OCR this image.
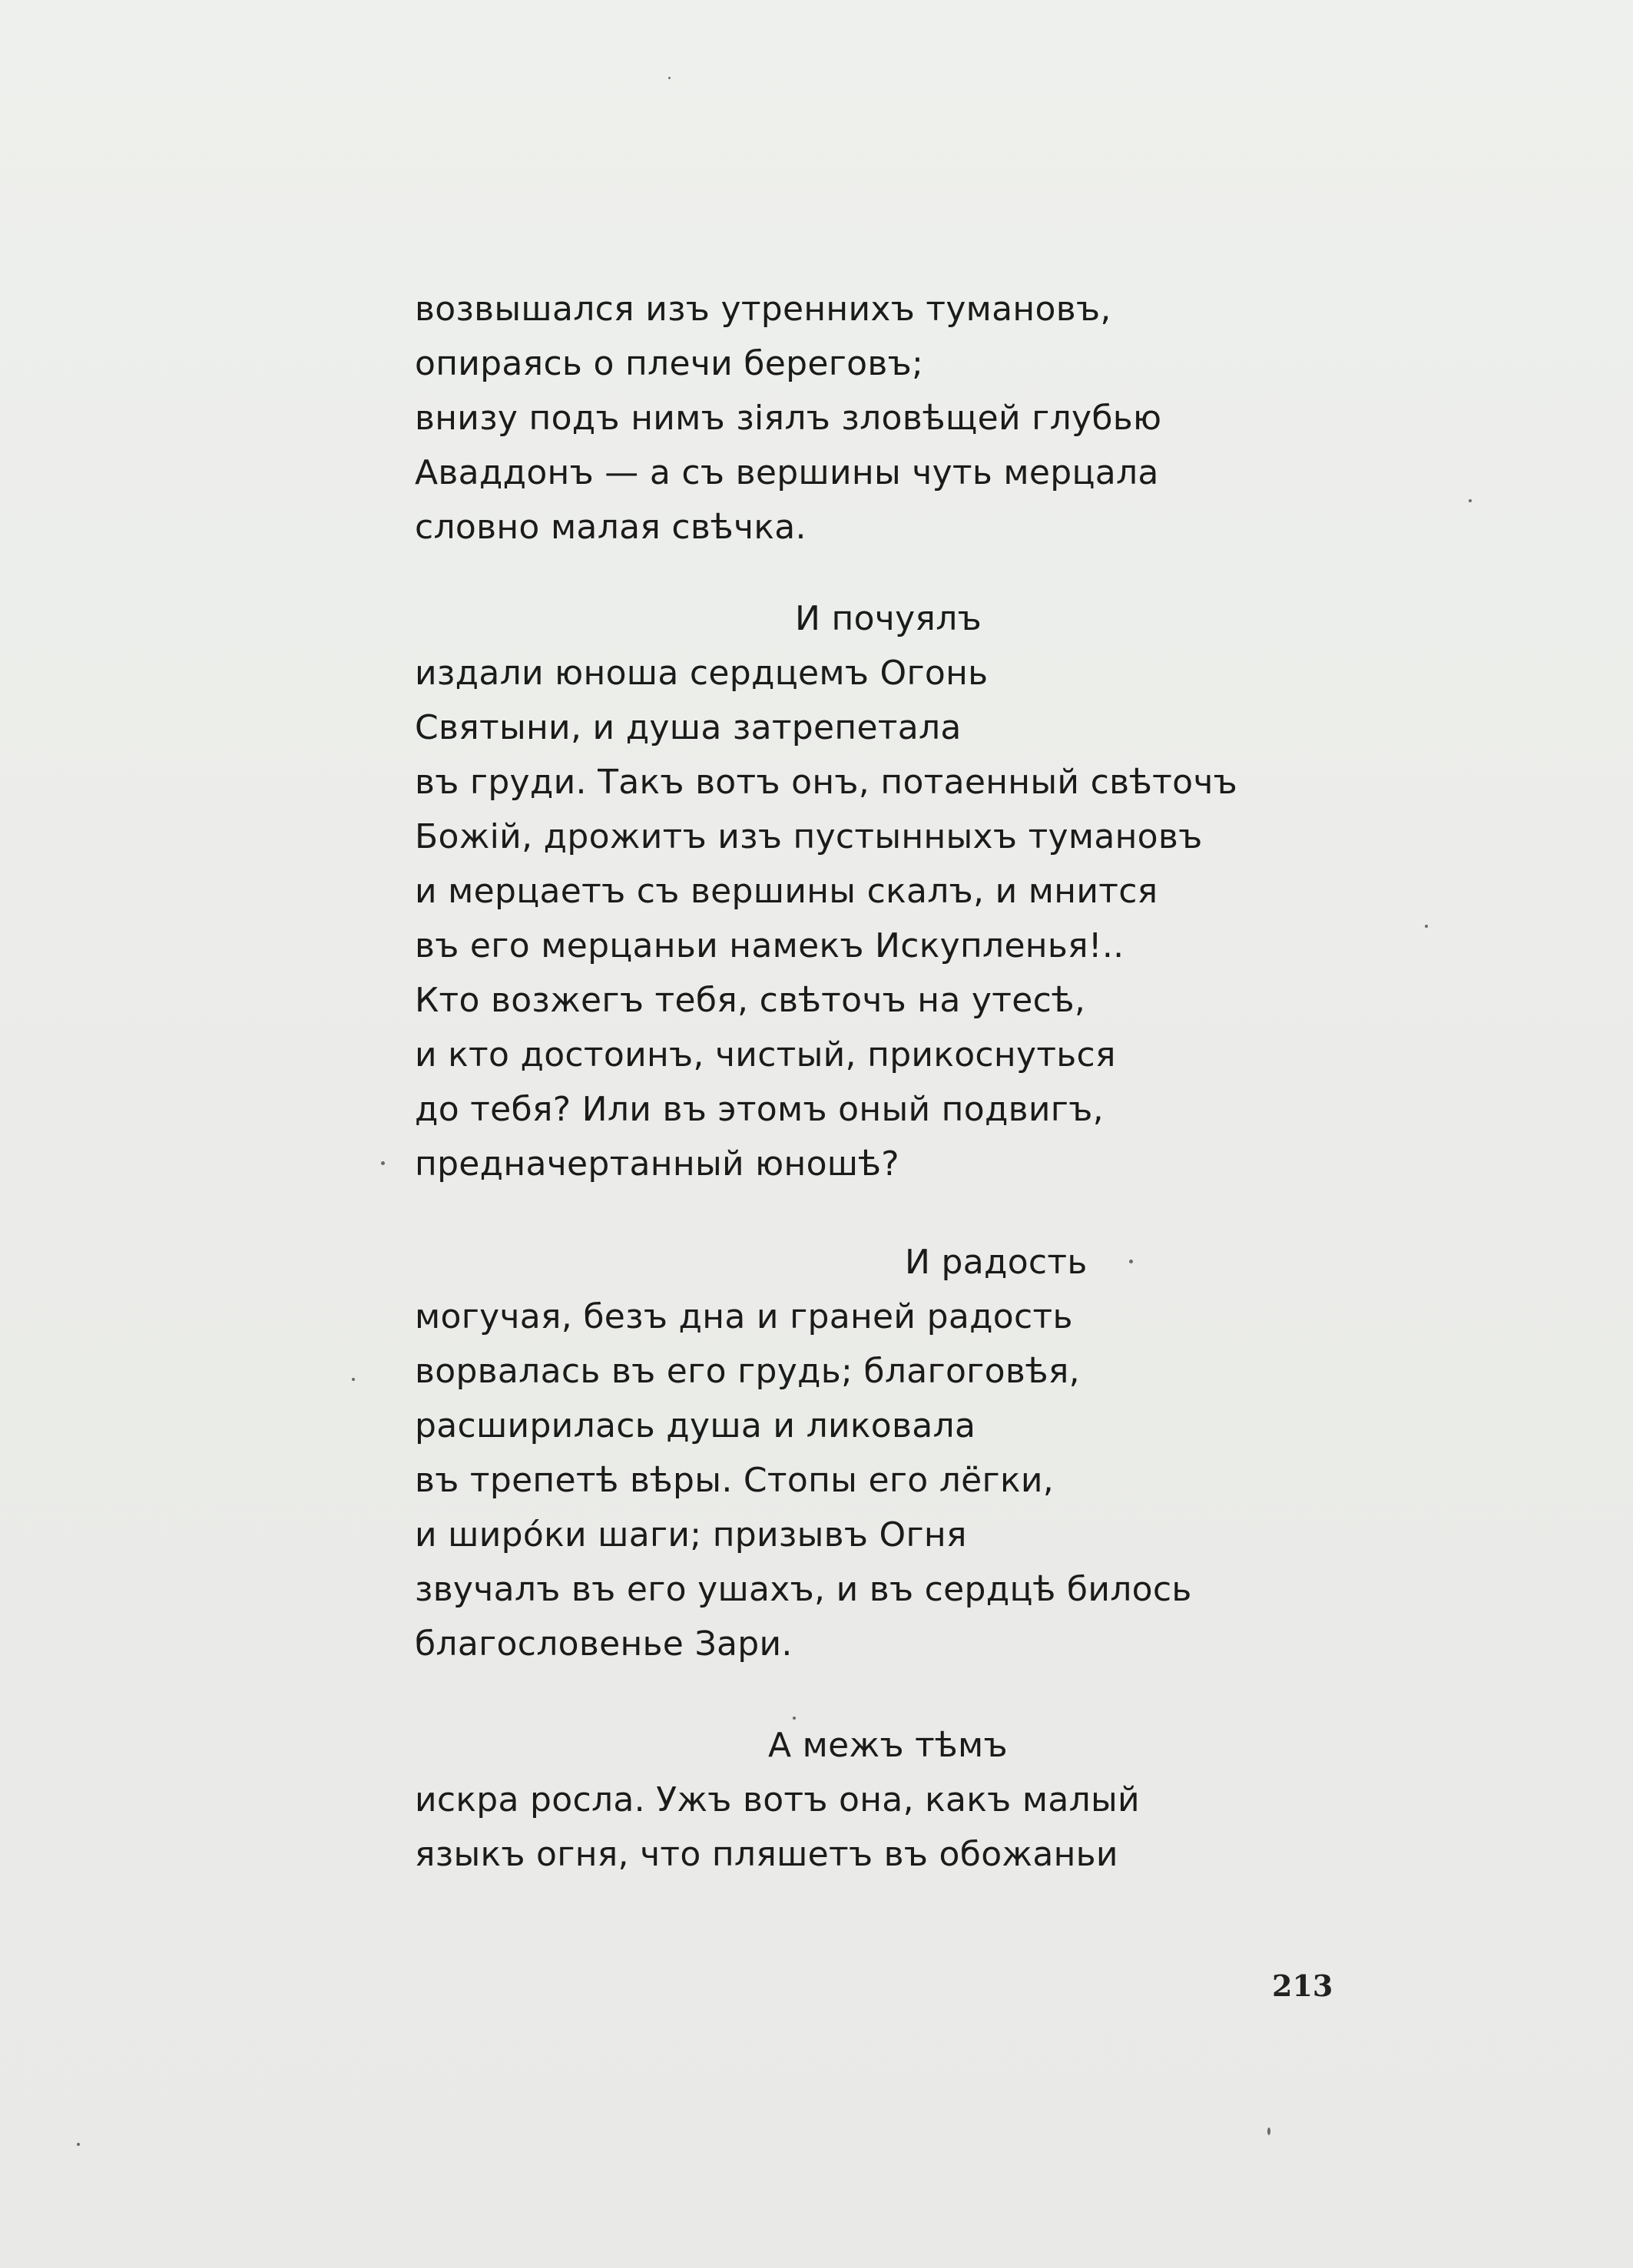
возвышался изъ утреннихъ тумановъ,
опираясь о плечи береговъ;
внизу подъ нимъ зіялъ зловѣщей глубью
Аваддонъ — а съ вершины чуть мерцала
словно малая свѣчка.
И почуялъ
издали юноша сердцемъ Огонь
Святыни, и душа затрепетала
въ груди. Такъ вотъ онъ, потаенный свѣточъ
Божій, дрожитъ изъ пустынныхъ тумановъ
и мерцаетъ съ вершины скалъ, и мнится
въ его мерцаньи намекъ Искупленья!..
Кто возжегъ тебя, свѣточъ на утесѣ,
и кто достоинъ, чистый, прикоснуться
до тебя? Или въ этомъ оный подвигъ,
предначертанный юношѣ?
И радость
могучая, безъ дна и граней радость
ворвалась въ его грудь; благоговѣя,
расширилась душа и ликовала
въ трепетѣ вѣры. Стопы его лёгки,
и широ́ки шаги; призывъ Огня
звучалъ въ его ушахъ, и въ сердцѣ билось
благословенье Зари.
А межъ тѣмъ
искра росла. Ужъ вотъ она, какъ малый
языкъ огня, что пляшетъ въ обожаньи
213
